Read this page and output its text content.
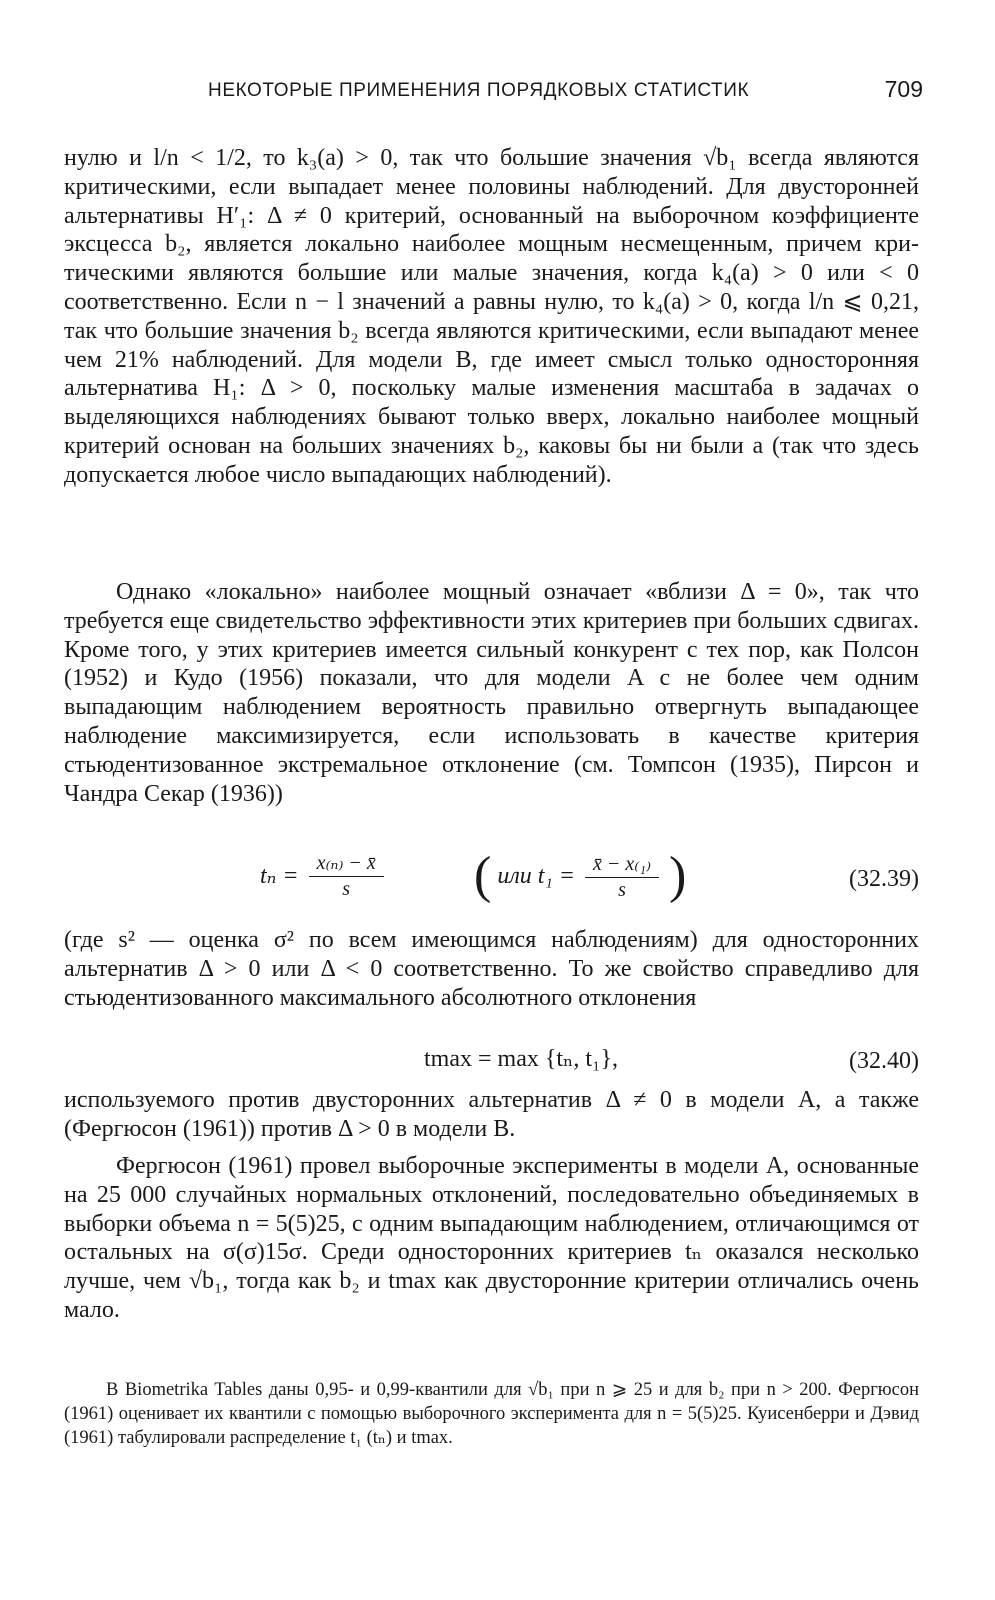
НЕКОТОРЫЕ ПРИМЕНЕНИЯ ПОРЯДКОВЫХ СТАТИСТИК	709

нулю и l/n < 1/2, то k₃(a) > 0, так что большие значения √b₁ всегда являются критическими, если выпадает менее половины наблюдений. Для двусторонней альтернативы H′₁: Δ ≠ 0 критерий, основанный на выборочном коэффициенте эксцесса b₂, является локально наиболее мощным несмещенным, причем критическими являются большие или малые значения, когда k₄(a) > 0 или < 0 соответственно. Если n − l значений a равны нулю, то k₄(a) > 0, когда l/n ⩽ 0,21, так что большие значения b₂ всегда являются критическими, если выпадают менее чем 21% наблюдений. Для модели B, где имеет смысл только односторонняя альтернатива H₁: Δ > 0, поскольку малые изменения масштаба в задачах о выделяющихся наблюдениях бывают только вверх, локально наиболее мощный критерий основан на больших значениях b₂, каковы бы ни были a (так что здесь допускается любое число выпадающих наблюдений).

Однако «локально» наиболее мощный означает «вблизи Δ = 0», так что требуется еще свидетельство эффективности этих критериев при больших сдвигах. Кроме того, у этих критериев имеется сильный конкурент с тех пор, как Полсон (1952) и Кудо (1956) показали, что для модели A с не более чем одним выпадающим наблюдением вероятность правильно отвергнуть выпадающее наблюдение максимизируется, если использовать в качестве критерия стьюдентизованное экстремальное отклонение (см. Томпсон (1935), Пирсон и Чандра Секар (1936))

$t_n = \frac{\text{x₍ₙ₎ − x̄}}{s}$ ( или $t_1 = \frac{\text{x̄ − x₍₁₎}}{s}$ )	(32.39)

(где s² — оценка σ² по всем имеющимся наблюдениям) для односторонних альтернатив Δ > 0 или Δ < 0 соответственно. То же свойство справедливо для стьюдентизованного максимального абсолютного отклонения

tmax = max {tₙ, t₁},	(32.40)

используемого против двусторонних альтернатив Δ ≠ 0 в модели A, а также (Фергюсон (1961)) против Δ > 0 в модели B.

Фергюсон (1961) провел выборочные эксперименты в модели A, основанные на 25 000 случайных нормальных отклонений, последовательно объединяемых в выборки объема n = 5(5)25, с одним выпадающим наблюдением, отличающимся от остальных на σ(σ)15σ. Среди односторонних критериев tₙ оказался несколько лучше, чем √b₁, тогда как b₂ и tmax как двусторонние критерии отличались очень мало.

В Biometrika Tables даны 0,95- и 0,99-квантили для √b₁ при n ⩾ 25 и для b₂ при n > 200. Фергюсон (1961) оценивает их квантили с помощью выборочного эксперимента для n = 5(5)25. Куисенберри и Дэвид (1961) табулировали распределение t₁ (tₙ) и tmax.
